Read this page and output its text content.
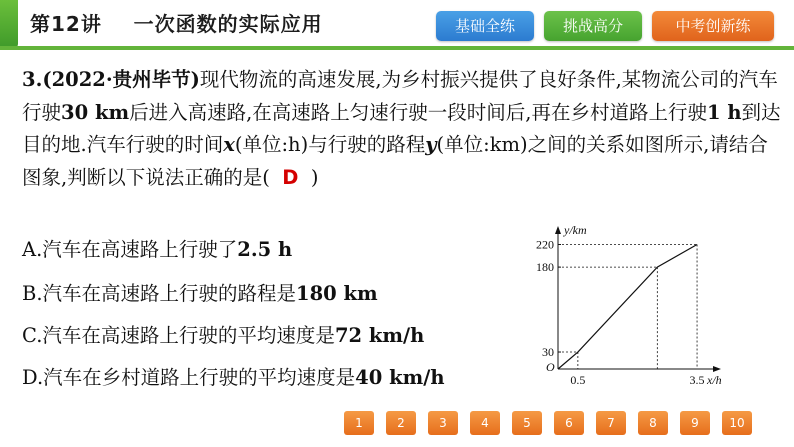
第12讲    一次函数的实际应用	基础全练	挑战高分	中考创新练
3.(2022·贵州毕节)现代物流的高速发展,为乡村振兴提供了良好条件,某物流公司的汽车行驶30 km后进入高速路,在高速路上匀速行驶一段时间后,再在乡村道路上行驶1 h到达目的地.汽车行驶的时间x(单位:h)与行驶的路程y(单位:km)之间的关系如图所示,请结合图象,判断以下说法正确的是( D )
A.汽车在高速路上行驶了2.5 h
B.汽车在高速路上行驶的路程是180 km
C.汽车在高速路上行驶的平均速度是72 km/h
D.汽车在乡村道路上行驶的平均速度是40 km/h
y/km
x/h
O
30
180
220
0.5	3.5
1	2	3	4	5	6	7	8	9	10
